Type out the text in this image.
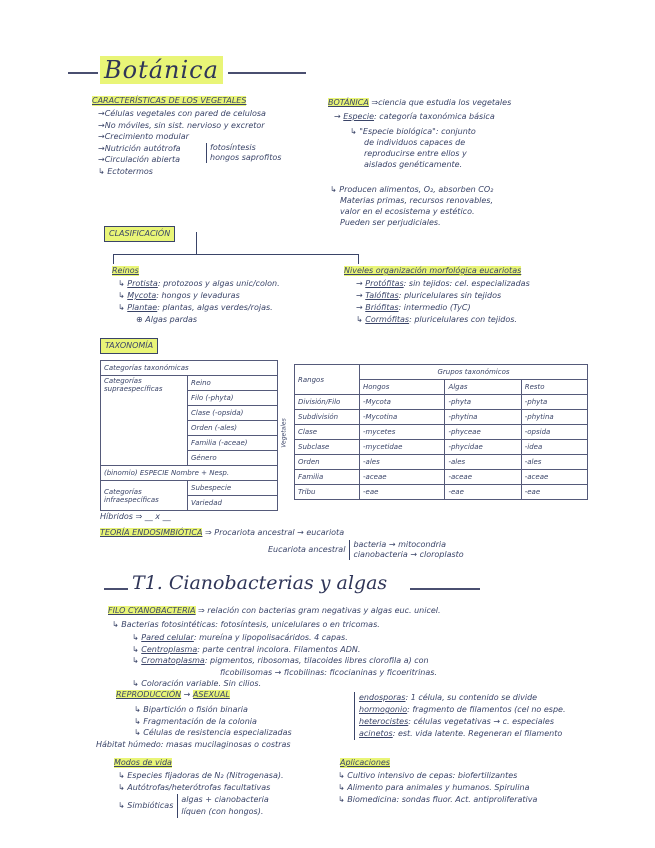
Botánica
CARACTERÍSTICAS DE LOS VEGETALES
→Células vegetales con pared de celulosa
→No móviles, sin sist. nervioso y excretor
→Crecimiento modular
→Nutrición autótrofa
→Circulación abierta
↳ Ectotermos
fotosíntesis
hongos saprofitos
BOTÁNICA ⇒ciencia que estudia los vegetales
→ Especie: categoría taxonómica básica
↳ "Especie biológica": conjunto
de individuos capaces de
reproducirse entre ellos y
aislados genéticamente.
↳ Producen alimentos, O₂, absorben CO₂
Materias primas, recursos renovables,
valor en el ecosistema y estético.
Pueden ser perjudiciales.
CLASIFICACIÓN
Reinos
↳ Protista: protozoos y algas unic/colon.
↳ Mycota: hongos y levaduras
↳ Plantae: plantas, algas verdes/rojas.
⊕ Algas pardas
Niveles organización morfológica eucariotas
→ Protófitas: sin tejidos: cel. especializadas
→ Talófitas: pluricelulares sin tejidos
→ Briófitas: intermedio (TyC)
↳ Cormófitas: pluricelulares con tejidos.
TAXONOMÍA
Categorías taxonómicas	
Categorías supraespecíficas	Reino
	Filo (-phyta)
	Clase (-opsida)
	Orden (-ales)
	Familia (-aceae)
	Género
(binomio) ESPECIE Nombre + Nesp.	
Categorías infraespecíficas	Subespecie
	Variedad
Híbridos ⇒ __ x __
Vegetales
Rangos	Grupos taxonómicos		
	Hongos	Algas	Resto
División/Filo	-Mycota	-phyta	-phyta
Subdivisión	-Mycotina	-phytina	-phytina
Clase	-mycetes	-phyceae	-opsida
Subclase	-mycetidae	-phycidae	-idea
Orden	-ales	-ales	-ales
Familia	-aceae	-aceae	-aceae
Tribu	-eae	-eae	-eae
TEORÍA ENDOSIMBIÓTICA ⇒ Procariota ancestral → eucariota
Eucariota ancestral
bacteria → mitocondria
cianobacteria → cloroplasto
T1. Cianobacterias y algas
FILO CYANOBACTERIA ⇒ relación con bacterias gram negativas y algas euc. unicel.
↳ Bacterias fotosintéticas: fotosíntesis, unicelulares o en tricomas.
↳ Pared celular: mureína y lipopolisacáridos. 4 capas.
↳ Centroplasma: parte central incolora. Filamentos ADN.
↳ Cromatoplasma: pigmentos, ribosomas, tilacoides libres clorofila a) con
ficobilisomas → ficobilinas: ficocianinas y ficoeritrinas.
↳ Coloración variable. Sin cilios.
REPRODUCCIÓN → ASEXUAL
↳ Bipartición o fisión binaria
↳ Fragmentación de la colonia
↳ Células de resistencia especializadas
Hábitat húmedo: masas mucilaginosas o costras
endosporas: 1 célula, su contenido se divide
hormogonio: fragmento de filamentos (cel no espe.
heterocistes: células vegetativas → c. especiales
acinetos: est. vida latente. Regeneran el filamento
Modos de vida
↳ Especies fijadoras de N₂ (Nitrogenasa).
↳ Autótrofas/heterótrofas facultativas
↳ Simbióticas
algas + cianobacteria
líquen (con hongos).
Aplicaciones
↳ Cultivo intensivo de cepas: biofertilizantes
↳ Alimento para animales y humanos. Spirulina
↳ Biomedicina: sondas fluor. Act. antiproliferativa
